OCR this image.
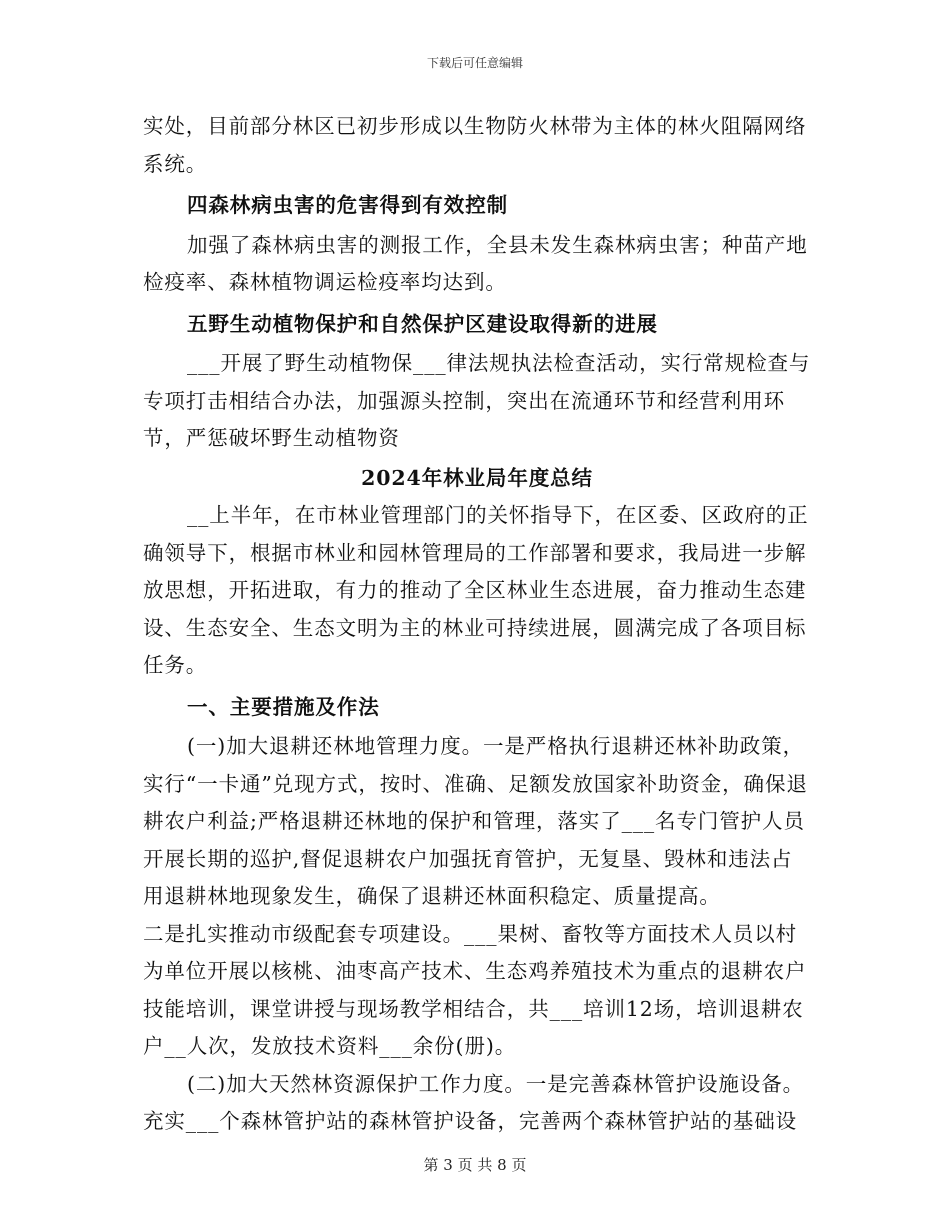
下载后可任意编辑

实处，目前部分林区已初步形成以生物防火林带为主体的林火阻隔网络系统。

四森林病虫害的危害得到有效控制

加强了森林病虫害的测报工作，全县未发生森林病虫害；种苗产地检疫率、森林植物调运检疫率均达到。

五野生动植物保护和自然保护区建设取得新的进展

___开展了野生动植物保___律法规执法检查活动，实行常规检查与专项打击相结合办法，加强源头控制，突出在流通环节和经营利用环节，严惩破坏野生动植物资

2024年林业局年度总结

__上半年，在市林业管理部门的关怀指导下，在区委、区政府的正确领导下，根据市林业和园林管理局的工作部署和要求，我局进一步解放思想，开拓进取，有力的推动了全区林业生态进展，奋力推动生态建设、生态安全、生态文明为主的林业可持续进展，圆满完成了各项目标任务。

一、主要措施及作法

(一)加大退耕还林地管理力度。一是严格执行退耕还林补助政策，实行“一卡通”兑现方式，按时、准确、足额发放国家补助资金，确保退耕农户利益;严格退耕还林地的保护和管理，落实了___名专门管护人员开展长期的巡护,督促退耕农户加强抚育管护，无复垦、毁林和违法占用退耕林地现象发生，确保了退耕还林面积稳定、质量提高。

二是扎实推动市级配套专项建设。___果树、畜牧等方面技术人员以村为单位开展以核桃、油枣高产技术、生态鸡养殖技术为重点的退耕农户技能培训，课堂讲授与现场教学相结合，共___培训12场，培训退耕农户__人次，发放技术资料___余份(册)。

(二)加大天然林资源保护工作力度。一是完善森林管护设施设备。充实___个森林管护站的森林管护设备，完善两个森林管护站的基础设

第 3 页 共 8 页
